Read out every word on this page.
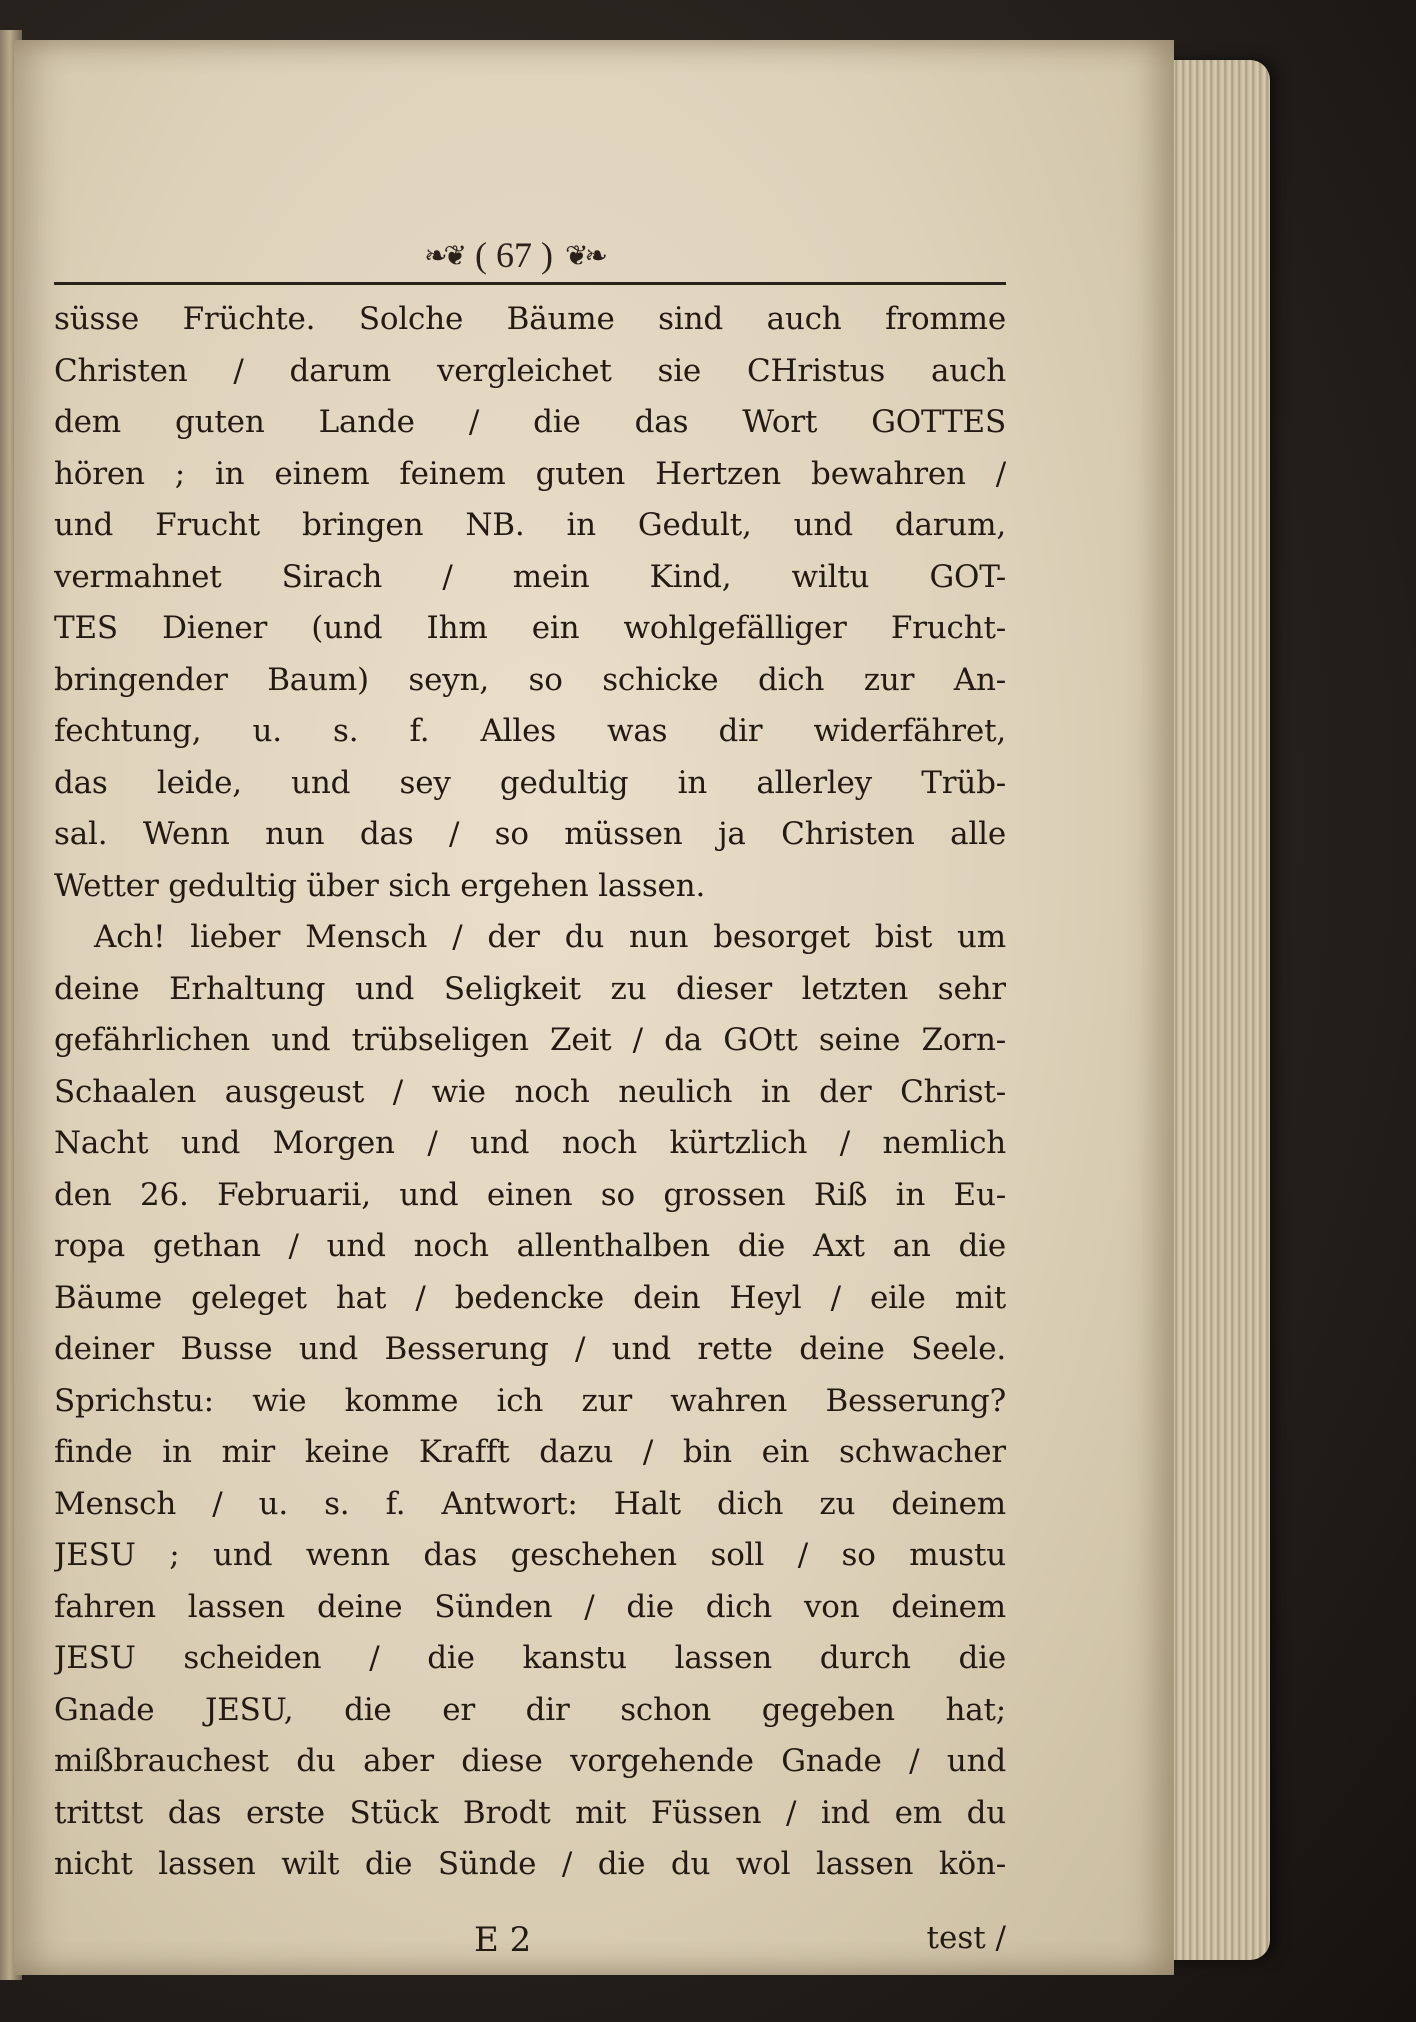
❧❦ ( 67 ) ❦❧
süsse Früchte. Solche Bäume sind auch fromme
Christen / darum vergleichet sie CHristus auch
dem guten Lande / die das Wort GOTTES
hören ; in einem feinem guten Hertzen bewahren /
und Frucht bringen NB. in Gedult, und darum,
vermahnet Sirach / mein Kind, wiltu GOT-
TES Diener (und Ihm ein wohlgefälliger Frucht-
bringender Baum) seyn, so schicke dich zur An-
fechtung, u. s. f. Alles was dir widerfähret,
das leide, und sey gedultig in allerley Trüb-
sal. Wenn nun das / so müssen ja Christen alle
Wetter gedultig über sich ergehen lassen.
Ach! lieber Mensch / der du nun besorget bist um
deine Erhaltung und Seligkeit zu dieser letzten sehr
gefährlichen und trübseligen Zeit / da GOtt seine Zorn-
Schaalen ausgeust / wie noch neulich in der Christ-
Nacht und Morgen / und noch kürtzlich / nemlich
den 26. Februarii, und einen so grossen Riß in Eu-
ropa gethan / und noch allenthalben die Axt an die
Bäume geleget hat / bedencke dein Heyl / eile mit
deiner Busse und Besserung / und rette deine Seele.
Sprichstu: wie komme ich zur wahren Besserung?
finde in mir keine Krafft dazu / bin ein schwacher
Mensch / u. s. f. Antwort: Halt dich zu deinem
JESU ; und wenn das geschehen soll / so mustu
fahren lassen deine Sünden / die dich von deinem
JESU scheiden / die kanstu lassen durch die
Gnade JESU, die er dir schon gegeben hat;
mißbrauchest du aber diese vorgehende Gnade / und
trittst das erste Stück Brodt mit Füssen / ind em du
nicht lassen wilt die Sünde / die du wol lassen kön-
E 2	test /
